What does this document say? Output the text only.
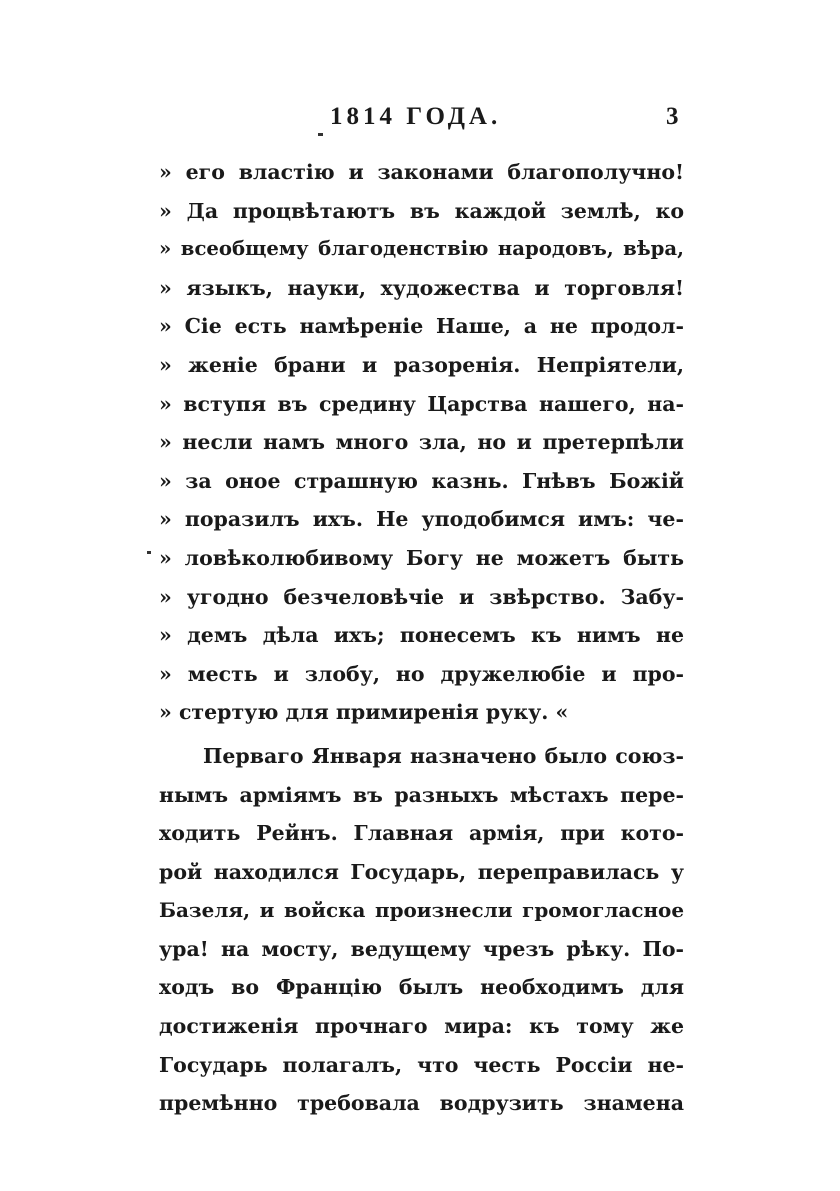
1814 ГОДА.	3
» его властію и законами благополучно!
» Да процвѣтаютъ въ каждой землѣ, ко
» всеобщему благоденствію народовъ, вѣра,
» языкъ, науки, художества и торговля!
» Сіе есть намѣреніе Наше, а не продол-
» женіе брани и разоренія. Непріятели,
» вступя въ средину Царства нашего, на-
» несли намъ много зла, но и претерпѣли
» за оное страшную казнь. Гнѣвъ Божій
» поразилъ ихъ. Не уподобимся имъ: че-
» ловѣколюбивому Богу не можетъ быть
» угодно безчеловѣчіе и звѣрство. Забу-
» демъ дѣла ихъ; понесемъ къ нимъ не
» месть и злобу, но дружелюбіе и про-
» стертую для примиренія руку. «
Перваго Января назначено было союз-
нымъ арміямъ въ разныхъ мѣстахъ пере-
ходить Рейнъ. Главная армія, при кото-
рой находился Государь, переправилась у
Базеля, и войска произнесли громогласное
ура! на мосту, ведущему чрезъ рѣку. По-
ходъ во Францію былъ необходимъ для
достиженія прочнаго мира: къ тому же
Государь полагалъ, что честь Россіи не-
премѣнно требовала водрузить знамена
